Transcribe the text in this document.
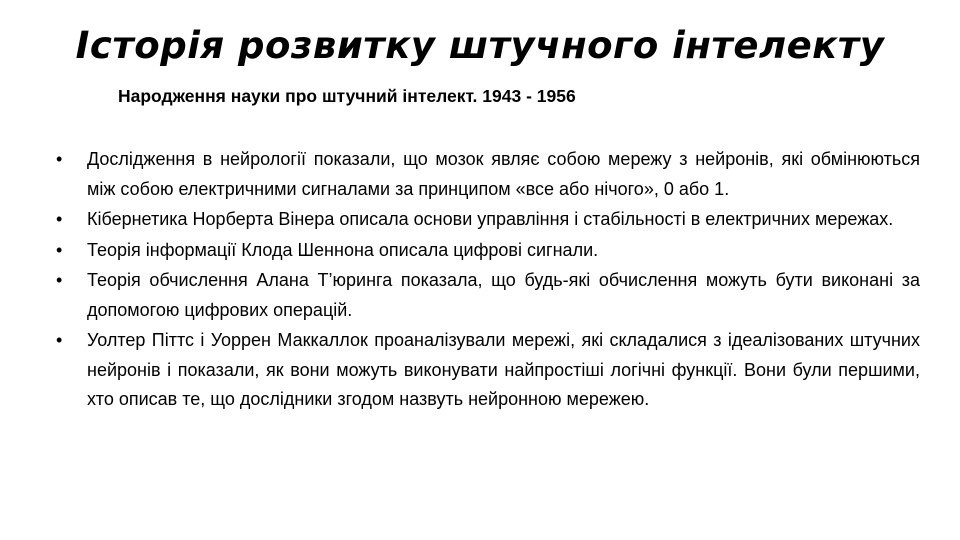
Історія розвитку штучного інтелекту

Народження науки про штучний інтелект. 1943 - 1956

•	Дослідження в нейрології показали, що мозок являє собою мережу з нейронів, які обмінюються між собою електричними сигналами за принципом «все або нічого», 0 або 1.
•	Кібернетика Норберта Вінера описала основи управління і стабільності в електричних мережах.
•	Теорія інформації Клода Шеннона описала цифрові сигнали.
•	Теорія обчислення Алана Т’юринга показала, що будь-які обчислення можуть бути виконані за допомогою цифрових операцій.
•	Уолтер Піттс і Уоррен Маккаллок проаналізували мережі, які складалися з ідеалізованих штучних нейронів і показали, як вони можуть виконувати найпростіші логічні функції. Вони були першими, хто описав те, що дослідники згодом назвуть нейронною мережею.
